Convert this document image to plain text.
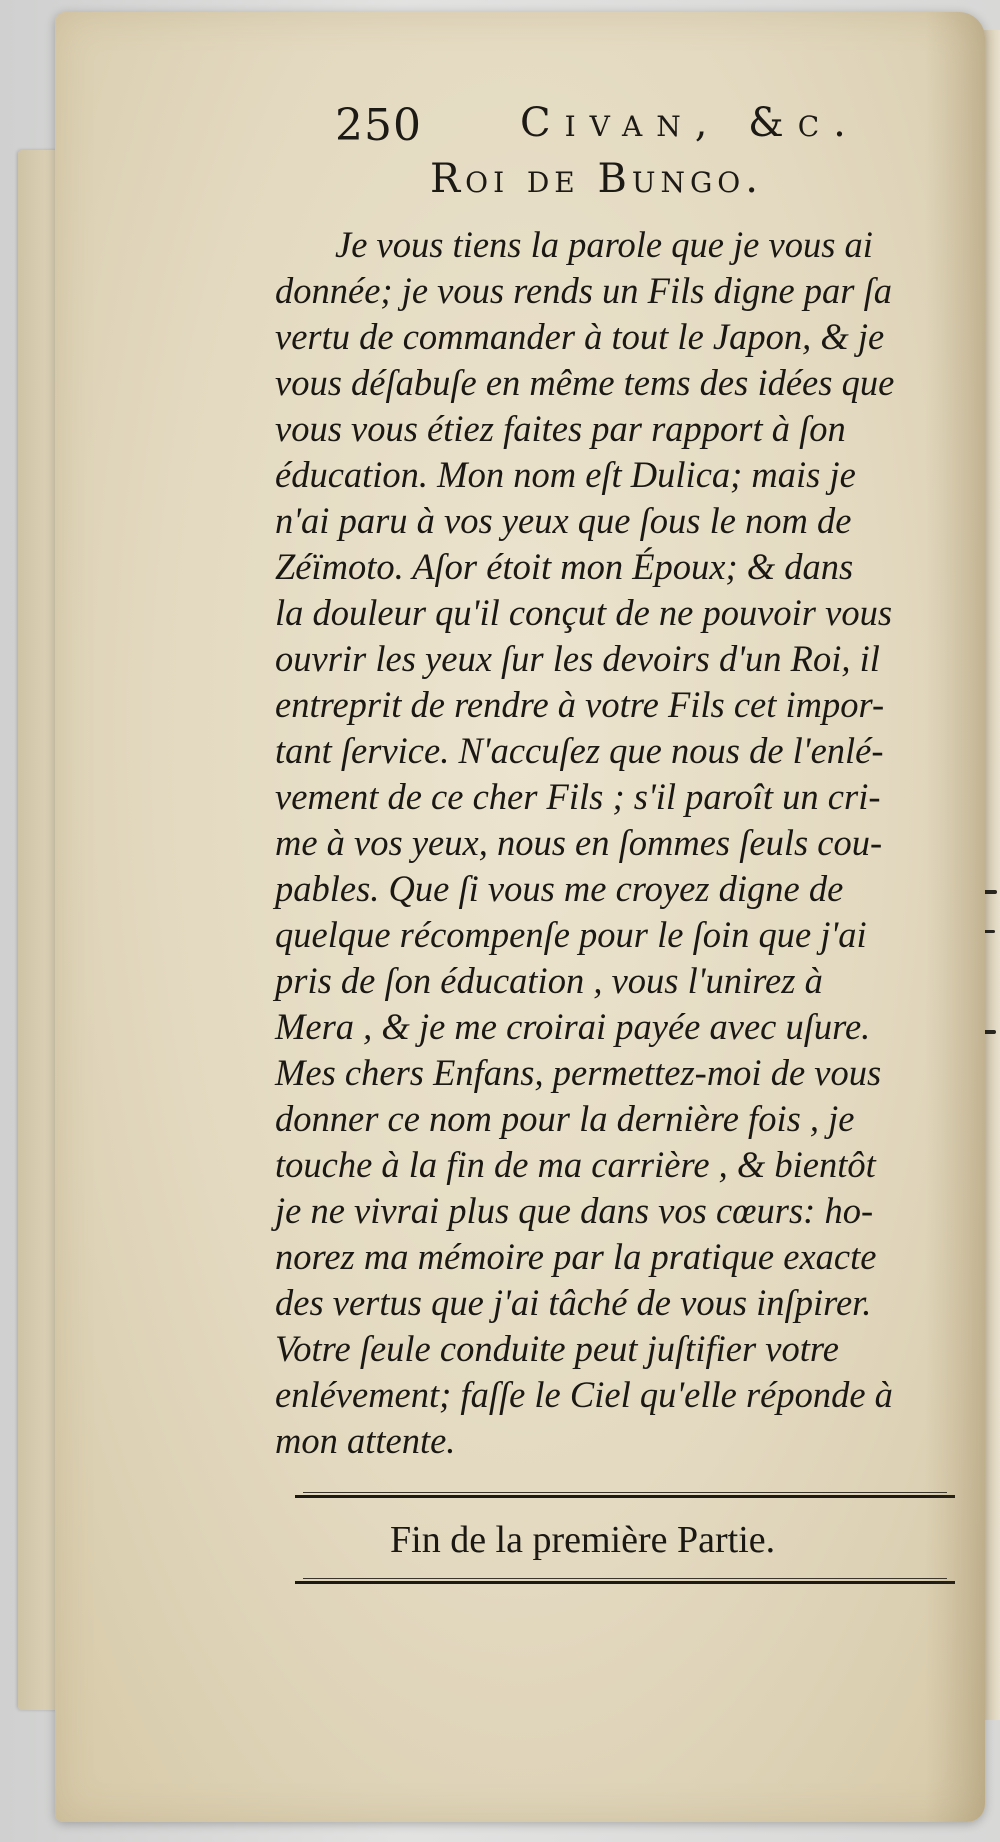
250 Civan, &c.
Roi de Bungo.

Je vous tiens la parole que je vous ai
donnée; je vous rends un Fils digne par ſa
vertu de commander à tout le Japon, & je
vous déſabuſe en même tems des idées que
vous vous étiez faites par rapport à ſon
éducation. Mon nom eſt Dulica; mais je
n'ai paru à vos yeux que ſous le nom de
Zéïmoto. Aſor étoit mon Époux; & dans
la douleur qu'il conçut de ne pouvoir vous
ouvrir les yeux ſur les devoirs d'un Roi, il
entreprit de rendre à votre Fils cet impor-
tant ſervice. N'accuſez que nous de l'enlé-
vement de ce cher Fils ; s'il paroît un cri-
me à vos yeux, nous en ſommes ſeuls cou-
pables. Que ſi vous me croyez digne de
quelque récompenſe pour le ſoin que j'ai
pris de ſon éducation , vous l'unirez à
Mera , & je me croirai payée avec uſure.
Mes chers Enfans, permettez-moi de vous
donner ce nom pour la dernière fois , je
touche à la fin de ma carrière , & bientôt
je ne vivrai plus que dans vos cœurs: ho-
norez ma mémoire par la pratique exacte
des vertus que j'ai tâché de vous inſpirer.
Votre ſeule conduite peut juſtifier votre
enlévement; faſſe le Ciel qu'elle réponde à
mon attente.

Fin de la première Partie.
